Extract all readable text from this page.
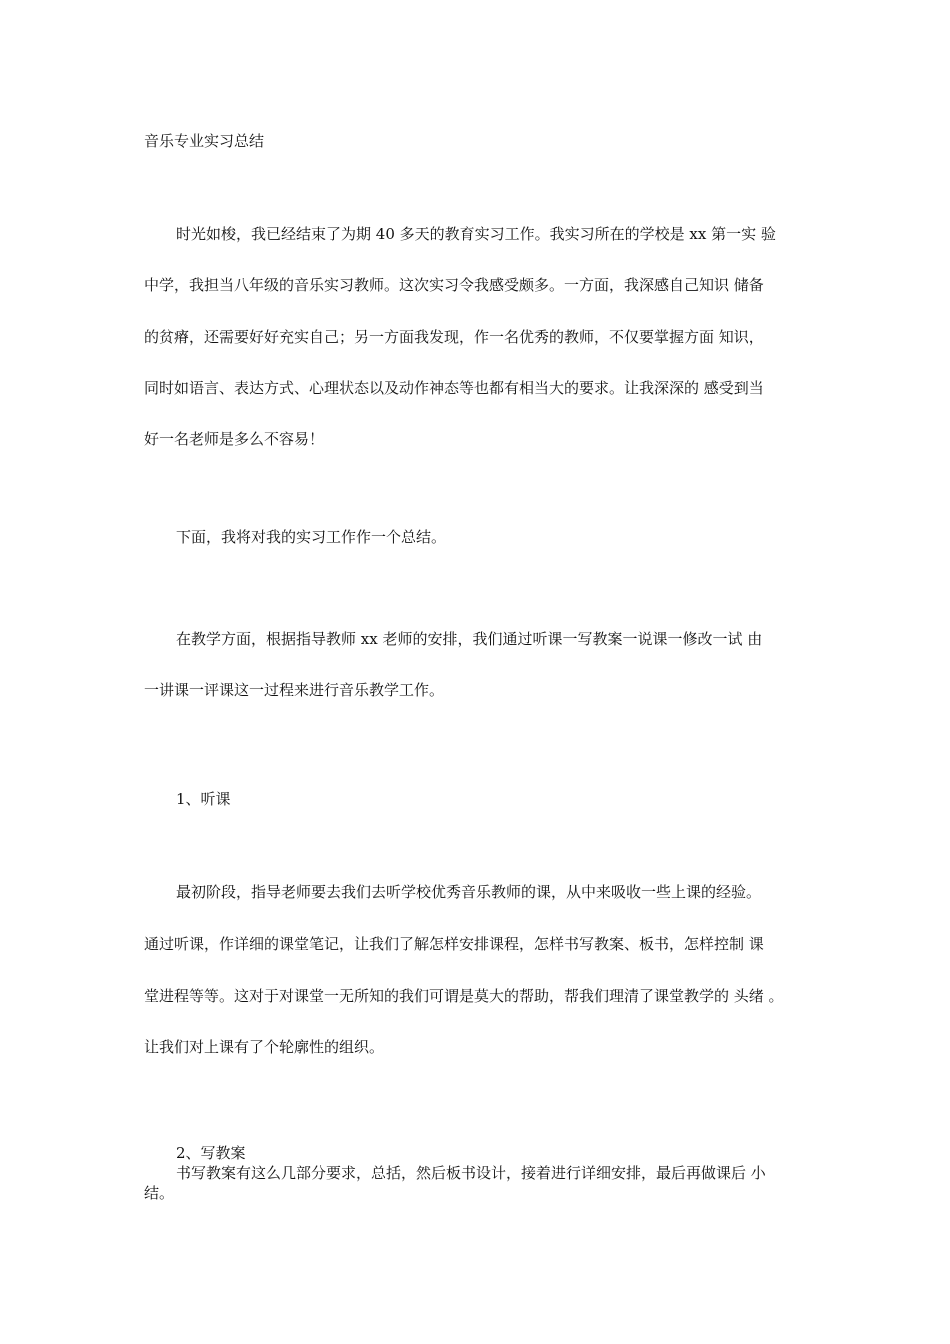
音乐专业实习总结
时光如梭，我已经结束了为期 40 多天的教育实习工作。我实习所在的学校是 xx 第一实 验
中学，我担当八年级的音乐实习教师。这次实习令我感受颇多。一方面，我深感自己知识 储备
的贫瘠，还需要好好充实自己；另一方面我发现，作一名优秀的教师，不仅要掌握方面 知识，
同时如语言、表达方式、心理状态以及动作神态等也都有相当大的要求。让我深深的 感受到当
好一名老师是多么不容易！
下面，我将对我的实习工作作一个总结。
在教学方面，根据指导教师 xx 老师的安排，我们通过听课一写教案一说课一修改一试 由
一讲课一评课这一过程来进行音乐教学工作。
1、听课
最初阶段，指导老师要去我们去听学校优秀音乐教师的课，从中来吸收一些上课的经验。
通过听课，作详细的课堂笔记，让我们了解怎样安排课程，怎样书写教案、板书，怎样控制 课
堂进程等等。这对于对课堂一无所知的我们可谓是莫大的帮助，帮我们理清了课堂教学的 头绪 。
让我们对上课有了个轮廓性的组织。
2、写教案
书写教案有这么几部分要求，总括，然后板书设计，接着进行详细安排，最后再做课后 小
结。
